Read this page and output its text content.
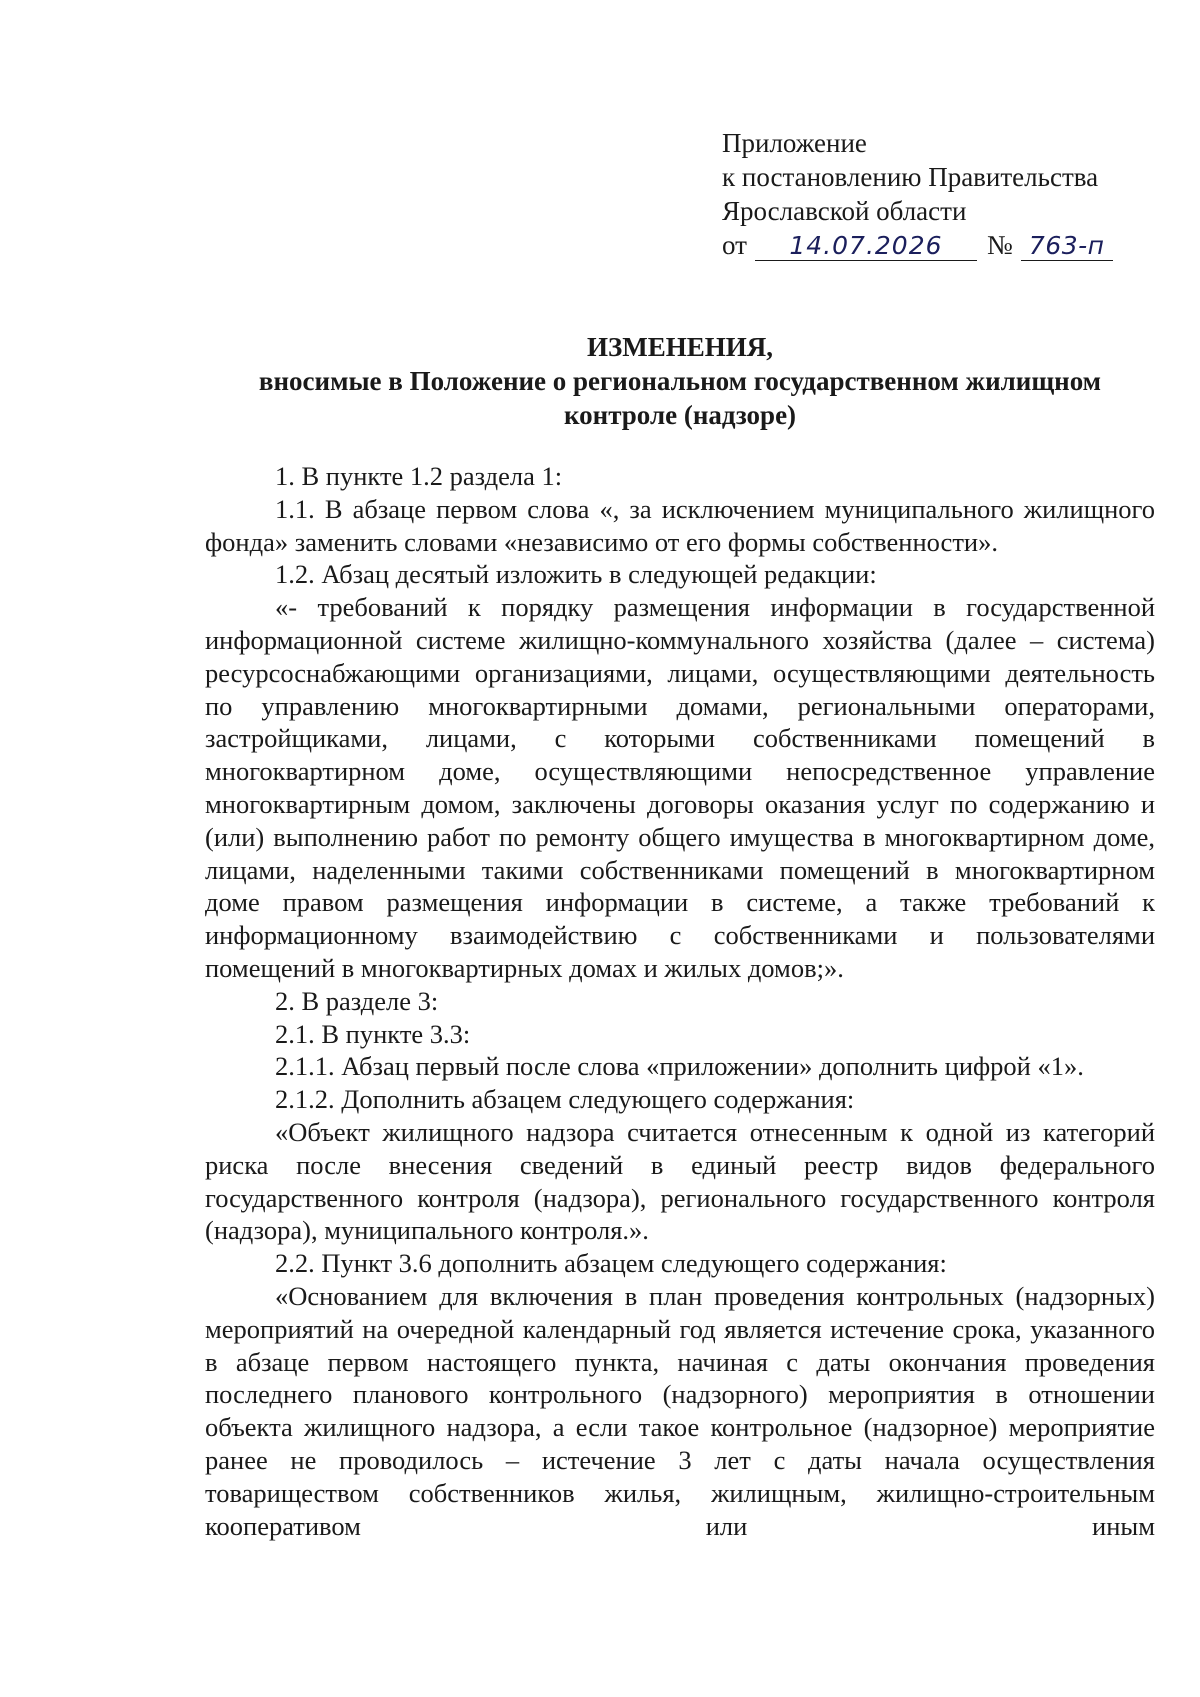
Приложение
к постановлению Правительства
Ярославской области
от 14.07.2026 № 763-п
ИЗМЕНЕНИЯ,
вносимые в Положение о региональном государственном жилищном
контроле (надзоре)

1. В пункте 1.2 раздела 1:

1.1. В абзаце первом слова «, за исключением муниципального жилищного фонда» заменить словами «независимо от его формы собственности».

1.2. Абзац десятый изложить в следующей редакции:

«- требований к порядку размещения информации в государственной информационной системе жилищно-коммунального хозяйства (далее – система) ресурсоснабжающими организациями, лицами, осуществляющими деятельность по управлению многоквартирными домами, региональными операторами, застройщиками, лицами, с которыми собственниками помещений в многоквартирном доме, осуществляющими непосредственное управление многоквартирным домом, заключены договоры оказания услуг по содержанию и (или) выполнению работ по ремонту общего имущества в многоквартирном доме, лицами, наделенными такими собственниками помещений в многоквартирном доме правом размещения информации в системе, а также требований к информационному взаимодействию с собственниками и пользователями помещений в многоквартирных домах и жилых домов;».

2. В разделе 3:

2.1. В пункте 3.3:

2.1.1. Абзац первый после слова «приложении» дополнить цифрой «1».

2.1.2. Дополнить абзацем следующего содержания:

«Объект жилищного надзора считается отнесенным к одной из категорий риска после внесения сведений в единый реестр видов федерального государственного контроля (надзора), регионального государственного контроля (надзора), муниципального контроля.».

2.2. Пункт 3.6 дополнить абзацем следующего содержания:

«Основанием для включения в план проведения контрольных (надзорных) мероприятий на очередной календарный год является истечение срока, указанного в абзаце первом настоящего пункта, начиная с даты окончания проведения последнего планового контрольного (надзорного) мероприятия в отношении объекта жилищного надзора, а если такое контрольное (надзорное) мероприятие ранее не проводилось – истечение 3 лет с даты начала осуществления товариществом собственников жилья, жилищным, жилищно-строительным кооперативом или иным
